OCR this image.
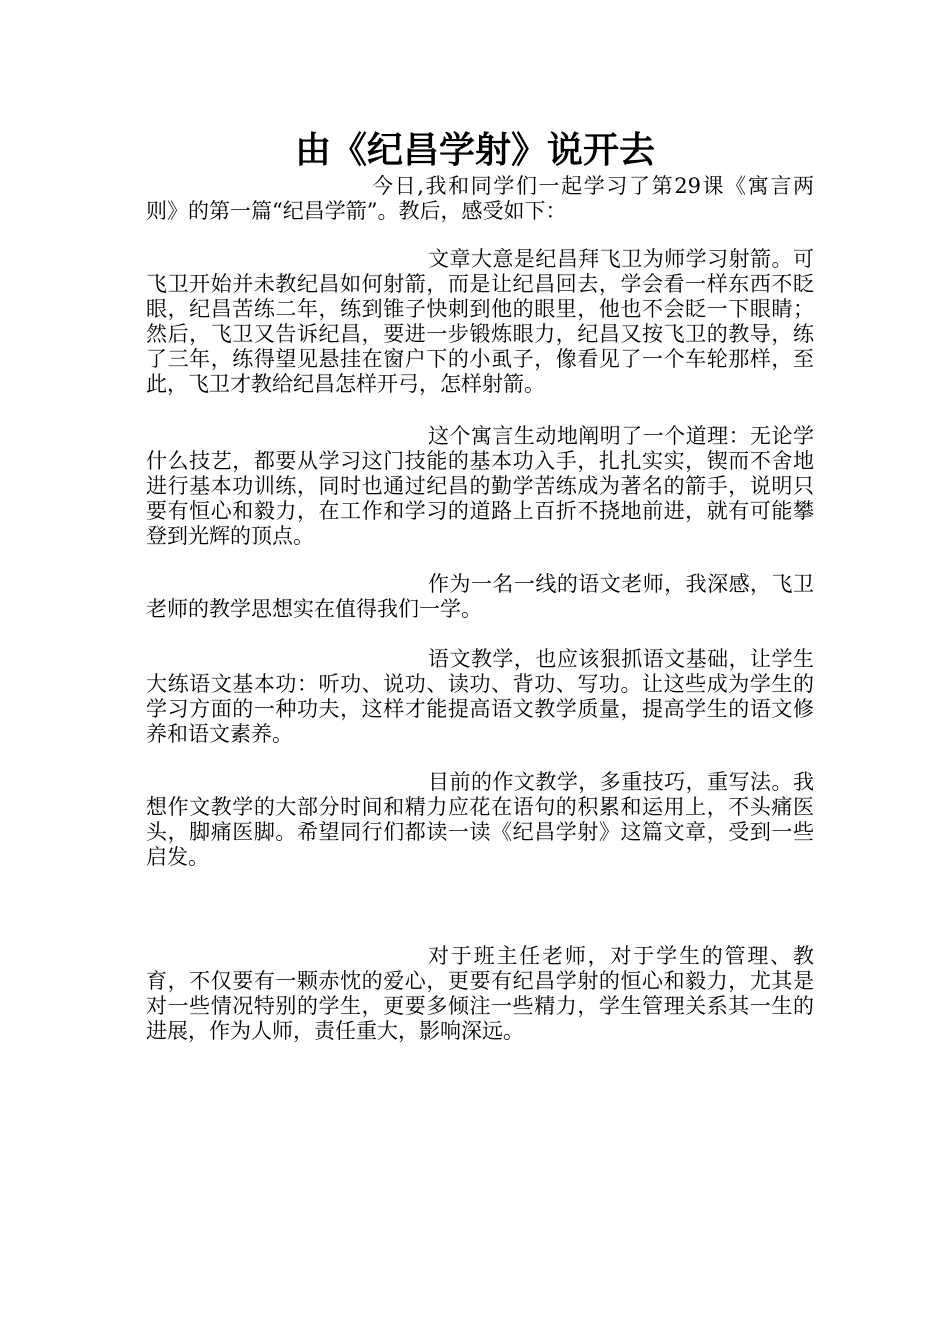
由《纪昌学射》说开去

今日,我和同学们一起学习了第29课《寓言两则》的第一篇“纪昌学箭”。教后，感受如下：

文章大意是纪昌拜飞卫为师学习射箭。可飞卫开始并未教纪昌如何射箭，而是让纪昌回去，学会看一样东西不眨眼，纪昌苦练二年，练到锥子快刺到他的眼里，他也不会眨一下眼睛；然后，飞卫又告诉纪昌，要进一步锻炼眼力，纪昌又按飞卫的教导，练了三年，练得望见悬挂在窗户下的小虱子，像看见了一个车轮那样，至此，飞卫才教给纪昌怎样开弓，怎样射箭。

这个寓言生动地阐明了一个道理：无论学什么技艺，都要从学习这门技能的基本功入手，扎扎实实，锲而不舍地进行基本功训练，同时也通过纪昌的勤学苦练成为著名的箭手，说明只要有恒心和毅力，在工作和学习的道路上百折不挠地前进，就有可能攀登到光辉的顶点。

作为一名一线的语文老师，我深感，飞卫老师的教学思想实在值得我们一学。

语文教学，也应该狠抓语文基础，让学生大练语文基本功：听功、说功、读功、背功、写功。让这些成为学生的学习方面的一种功夫，这样才能提高语文教学质量，提高学生的语文修养和语文素养。

目前的作文教学，多重技巧，重写法。我想作文教学的大部分时间和精力应花在语句的积累和运用上，不头痛医头，脚痛医脚。希望同行们都读一读《纪昌学射》这篇文章，受到一些启发。

对于班主任老师，对于学生的管理、教育，不仅要有一颗赤忱的爱心，更要有纪昌学射的恒心和毅力，尤其是对一些情况特别的学生，更要多倾注一些精力，学生管理关系其一生的进展，作为人师，责任重大，影响深远。
